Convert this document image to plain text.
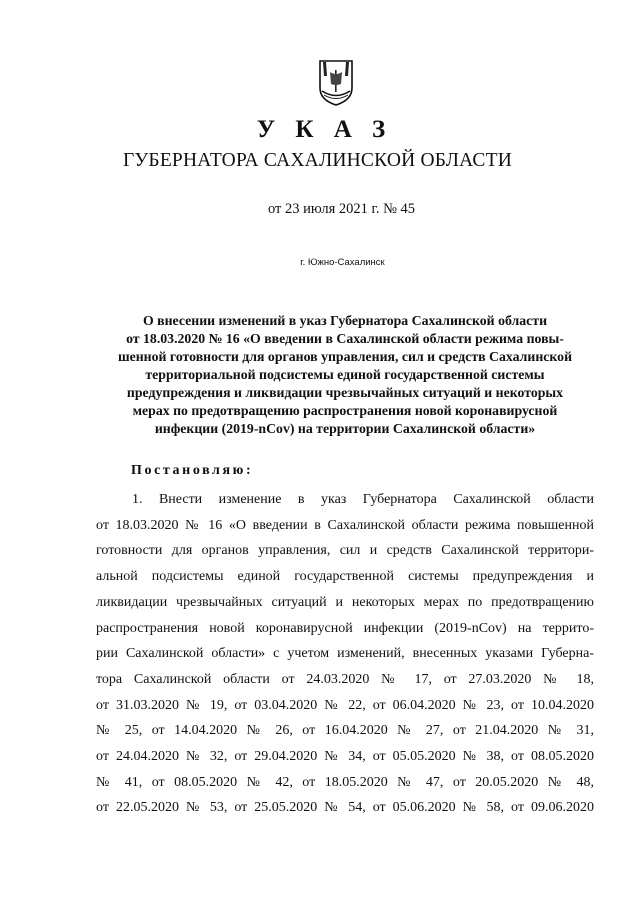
У К А З
ГУБЕРНАТОРА САХАЛИНСКОЙ ОБЛАСТИ
от 23 июля 2021 г. № 45
г. Южно-Сахалинск
О внесении изменений в указ Губернатора Сахалинской области
от 18.03.2020 № 16 «О введении в Сахалинской области режима повы-
шенной готовности для органов управления, сил и средств Сахалинской
территориальной подсистемы единой государственной системы
предупреждения и ликвидации чрезвычайных ситуаций и некоторых
мерах по предотвращению распространения новой коронавирусной
инфекции (2019-nCov) на территории Сахалинской области»
Постановляю:
1. Внести изменение в указ Губернатора Сахалинской области
от 18.03.2020 № 16 «О введении в Сахалинской области режима повышенной
готовности для органов управления, сил и средств Сахалинской территори-
альной подсистемы единой государственной системы предупреждения и
ликвидации чрезвычайных ситуаций и некоторых мерах по предотвращению
распространения новой коронавирусной инфекции (2019-nCov) на террито-
рии Сахалинской области» с учетом изменений, внесенных указами Губерна-
тора Сахалинской области от 24.03.2020 № 17, от 27.03.2020 № 18,
от 31.03.2020 № 19, от 03.04.2020 № 22, от 06.04.2020 № 23, от 10.04.2020
№ 25, от 14.04.2020 № 26, от 16.04.2020 № 27, от 21.04.2020 № 31,
от 24.04.2020 № 32, от 29.04.2020 № 34, от 05.05.2020 № 38, от 08.05.2020
№ 41, от 08.05.2020 № 42, от 18.05.2020 № 47, от 20.05.2020 № 48,
от 22.05.2020 № 53, от 25.05.2020 № 54, от 05.06.2020 № 58, от 09.06.2020
